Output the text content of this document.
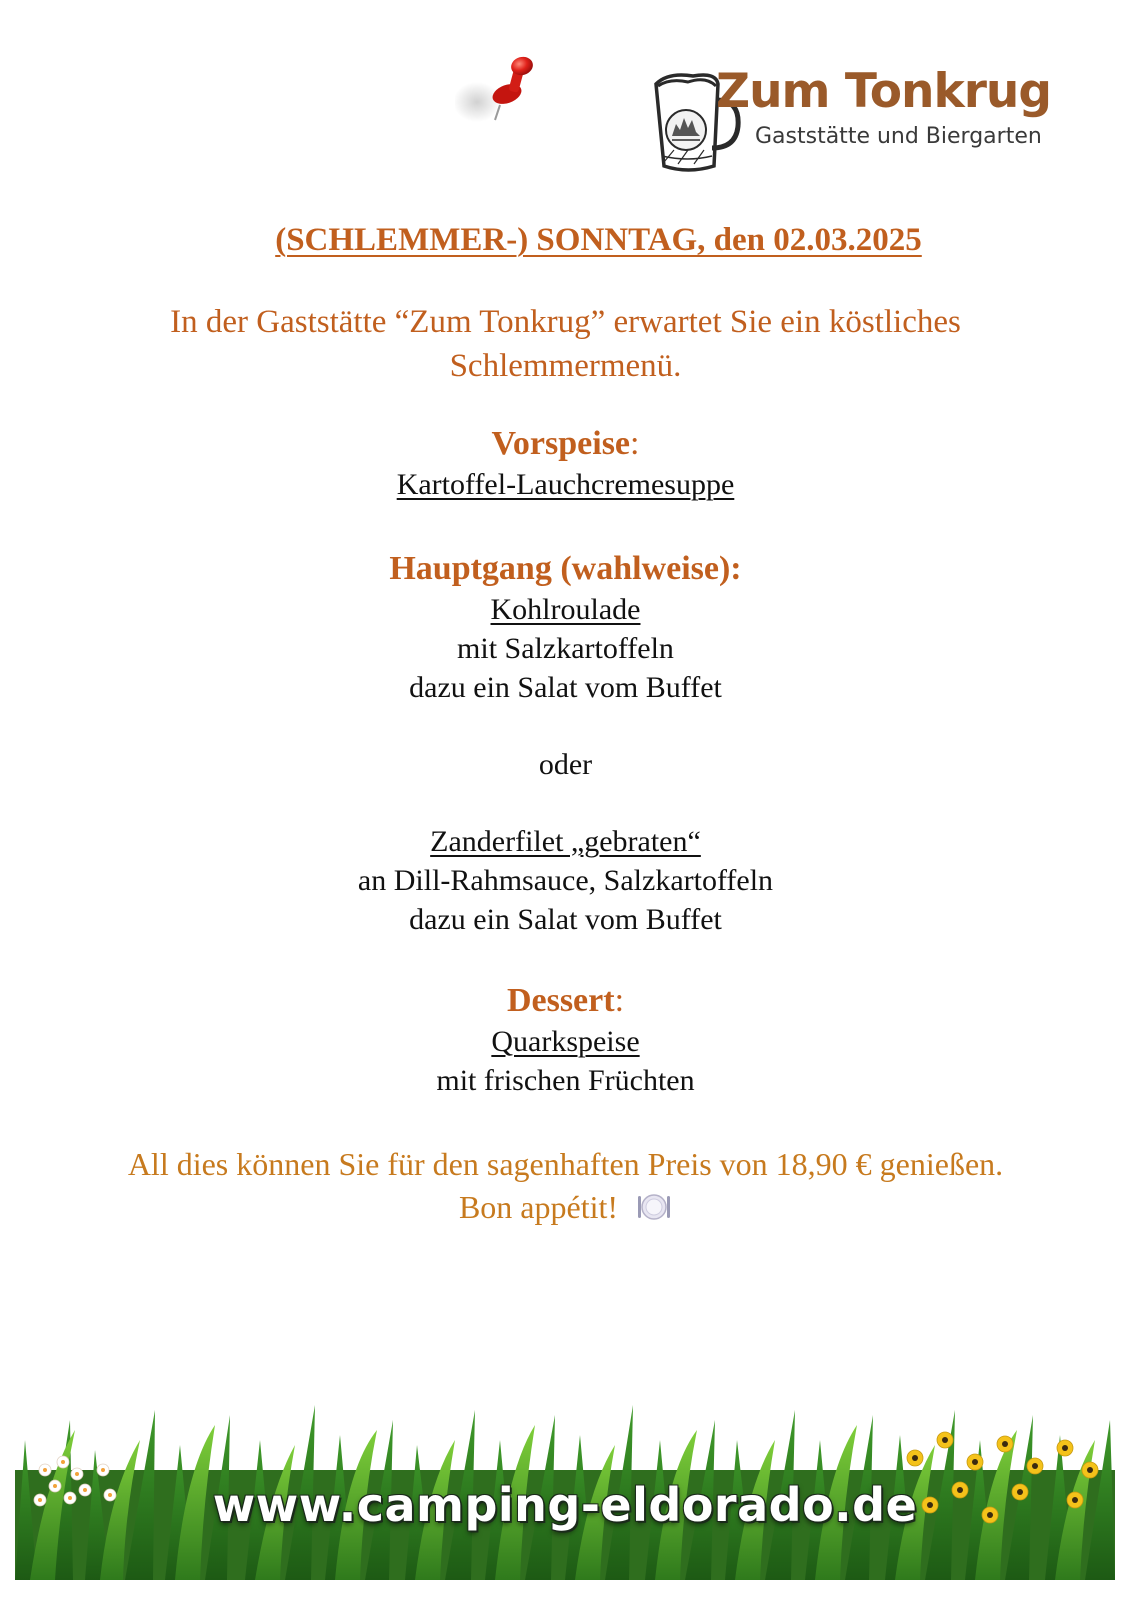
Zum Tonkrug
Gaststätte und Biergarten
(SCHLEMMER-) SONNTAG, den 02.03.2025
In der Gaststätte “Zum Tonkrug” erwartet Sie ein köstliches
Schlemmermenü.
Vorspeise:
Kartoffel-Lauchcremesuppe
Hauptgang (wahlweise):
Kohlroulade
mit Salzkartoffeln
dazu ein Salat vom Buffet
oder
Zanderfilet „gebraten“
an Dill-Rahmsauce, Salzkartoffeln
dazu ein Salat vom Buffet
Dessert:
Quarkspeise
mit frischen Früchten
All dies können Sie für den sagenhaften Preis von 18,90 € genießen.
Bon appétit!
www.camping-eldorado.de
